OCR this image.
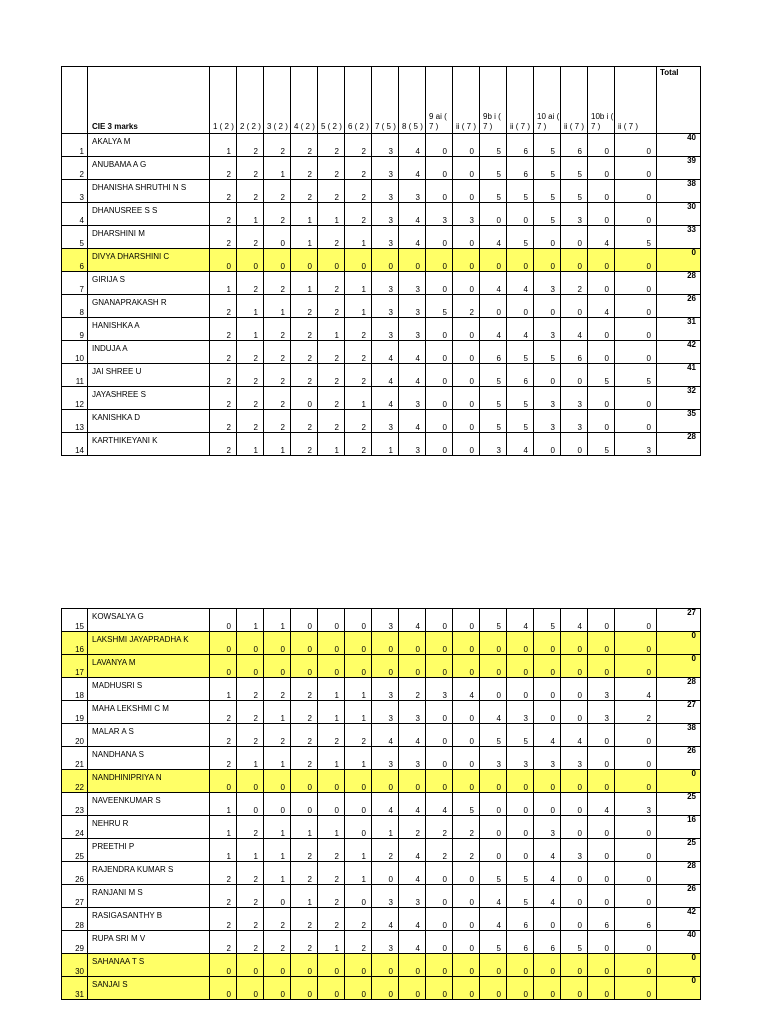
	CIE 3 marks	1 ( 2 )	2 ( 2 )	3 ( 2 )	4 ( 2 )	5 ( 2 )	6 ( 2 )	7 ( 5 )	8 ( 5 )	9 ai ( 7 )	ii ( 7 )	9b i ( 7 )	ii ( 7 )	10 ai ( 7 )	ii ( 7 )	10b i ( 7 )	ii ( 7 )	Total
1	AKALYA M	1	2	2	2	2	2	3	4	0	0	5	6	5	6	0	0	40
2	ANUBAMA A G	2	2	1	2	2	2	3	4	0	0	5	6	5	5	0	0	39
3	DHANISHA SHRUTHI N S	2	2	2	2	2	2	3	3	0	0	5	5	5	5	0	0	38
4	DHANUSREE S S	2	1	2	1	1	2	3	4	3	3	0	0	5	3	0	0	30
5	DHARSHINI M	2	2	0	1	2	1	3	4	0	0	4	5	0	0	4	5	33
6	DIVYA DHARSHINI C	0	0	0	0	0	0	0	0	0	0	0	0	0	0	0	0	0
7	GIRIJA S	1	2	2	1	2	1	3	3	0	0	4	4	3	2	0	0	28
8	GNANAPRAKASH R	2	1	1	2	2	1	3	3	5	2	0	0	0	0	4	0	26
9	HANISHKA A	2	1	2	2	1	2	3	3	0	0	4	4	3	4	0	0	31
10	INDUJA A	2	2	2	2	2	2	4	4	0	0	6	5	5	6	0	0	42
11	JAI SHREE U	2	2	2	2	2	2	4	4	0	0	5	6	0	0	5	5	41
12	JAYASHREE S	2	2	2	0	2	1	4	3	0	0	5	5	3	3	0	0	32
13	KANISHKA D	2	2	2	2	2	2	3	4	0	0	5	5	3	3	0	0	35
14	KARTHIKEYANI K	2	1	1	2	1	2	1	3	0	0	3	4	0	0	5	3	28
15	KOWSALYA G	0	1	1	0	0	0	3	4	0	0	5	4	5	4	0	0	27
16	LAKSHMI JAYAPRADHA K	0	0	0	0	0	0	0	0	0	0	0	0	0	0	0	0	0
17	LAVANYA M	0	0	0	0	0	0	0	0	0	0	0	0	0	0	0	0	0
18	MADHUSRI S	1	2	2	2	1	1	3	2	3	4	0	0	0	0	3	4	28
19	MAHA LEKSHMI C M	2	2	1	2	1	1	3	3	0	0	4	3	0	0	3	2	27
20	MALAR A S	2	2	2	2	2	2	4	4	0	0	5	5	4	4	0	0	38
21	NANDHANA S	2	1	1	2	1	1	3	3	0	0	3	3	3	3	0	0	26
22	NANDHINIPRIYA N	0	0	0	0	0	0	0	0	0	0	0	0	0	0	0	0	0
23	NAVEENKUMAR S	1	0	0	0	0	0	4	4	4	5	0	0	0	0	4	3	25
24	NEHRU R	1	2	1	1	1	0	1	2	2	2	0	0	3	0	0	0	16
25	PREETHI P	1	1	1	2	2	1	2	4	2	2	0	0	4	3	0	0	25
26	RAJENDRA KUMAR S	2	2	1	2	2	1	0	4	0	0	5	5	4	0	0	0	28
27	RANJANI M S	2	2	0	1	2	0	3	3	0	0	4	5	4	0	0	0	26
28	RASIGASANTHY B	2	2	2	2	2	2	4	4	0	0	4	6	0	0	6	6	42
29	RUPA SRI M V	2	2	2	2	1	2	3	4	0	0	5	6	6	5	0	0	40
30	SAHANAA T S	0	0	0	0	0	0	0	0	0	0	0	0	0	0	0	0	0
31	SANJAI S	0	0	0	0	0	0	0	0	0	0	0	0	0	0	0	0	0
